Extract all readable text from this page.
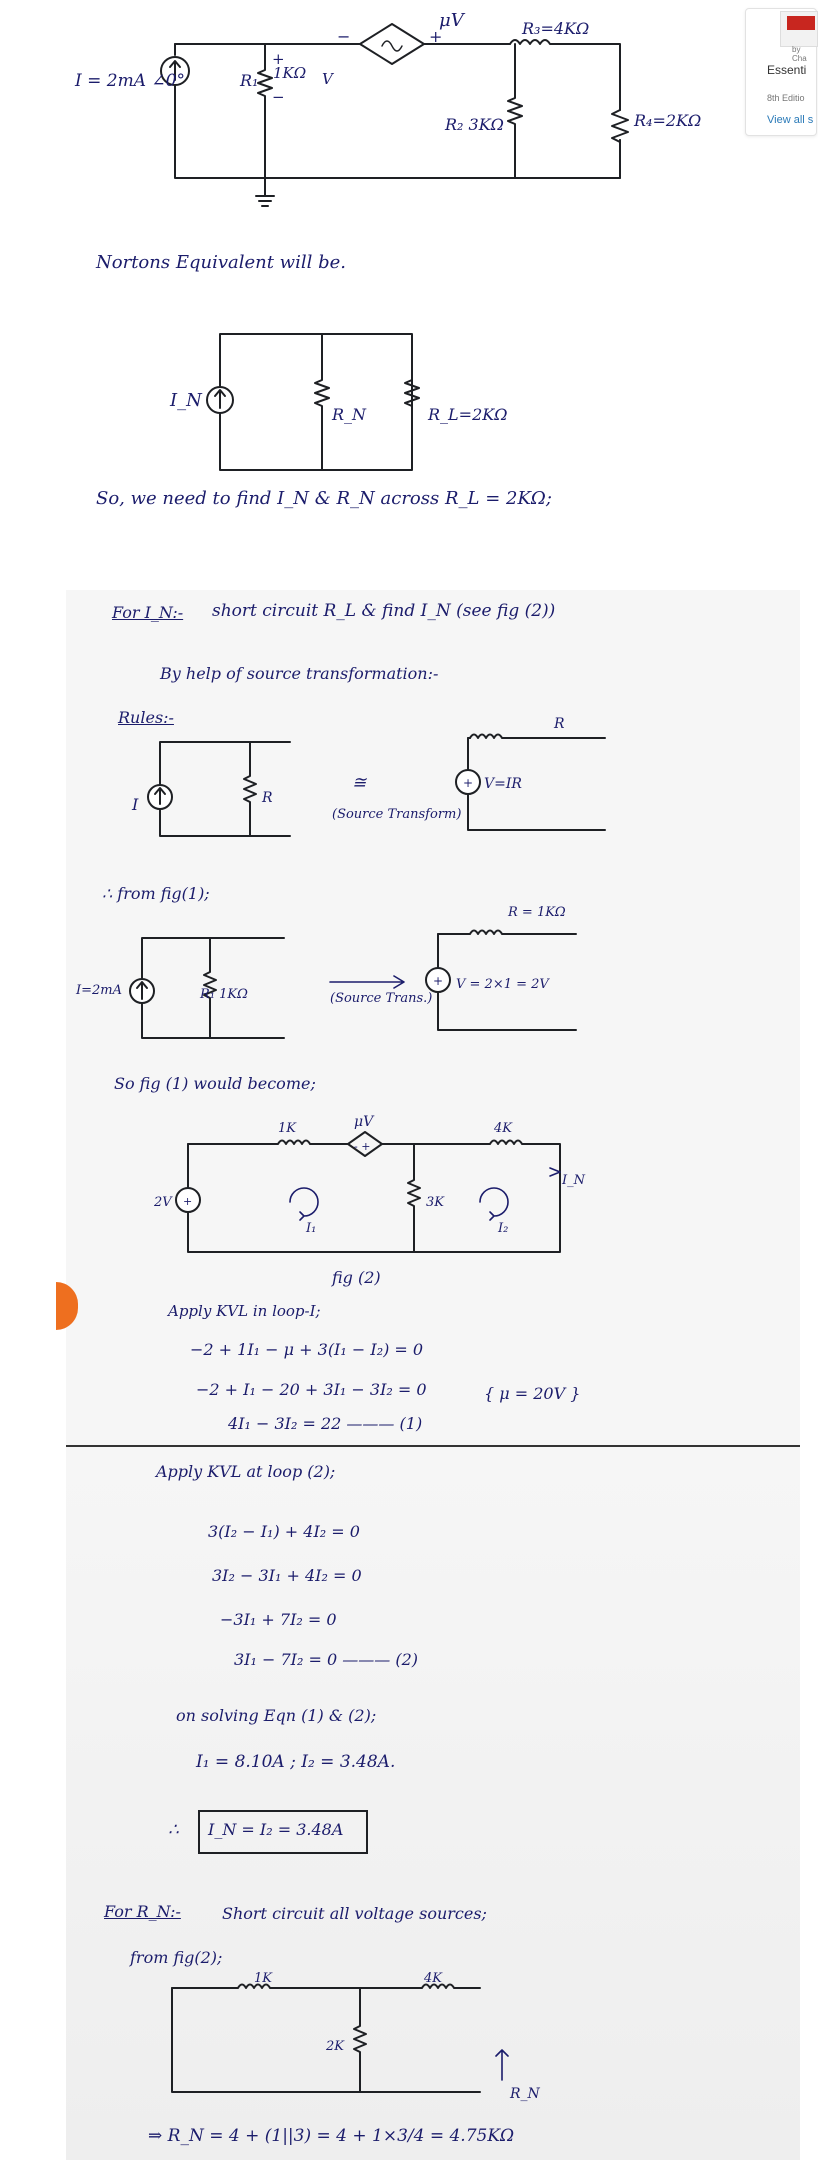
by Cha
Essenti
8th Editio
View all s
μV
−	+
I = 2mA ∠0°	R₁ 1KΩ V
+
−
R₂ 3KΩ
R₃=4KΩ
R₄=2KΩ
Nortons Equivalent will be.
I_N
R_N	R_L=2KΩ
So, we need to find I_N & R_N across R_L = 2KΩ;
For I_N:- short circuit R_L & find I_N (see fig (2))
By help of source transformation:-
Rules:-
I	R
≅
(Source Transform)
R
V=IR
+
∴ from fig(1);
I=2mA	R₁ 1KΩ	(Source Trans.)
R = 1KΩ
V = 2×1 = 2V
+
So fig (1) would become;
2V +
1K	μV
- +
4K
3K
I₁	I₂
I_N
fig (2)
Apply KVL in loop-I;
−2 + 1I₁ − μ + 3(I₁ − I₂) = 0
−2 + I₁ − 20 + 3I₁ − 3I₂ = 0	{ μ = 20V }
4I₁ − 3I₂ = 22 ——— (1)
Apply KVL at loop (2);
3(I₂ − I₁) + 4I₂ = 0
3I₂ − 3I₁ + 4I₂ = 0
−3I₁ + 7I₂ = 0
3I₁ − 7I₂ = 0 ——— (2)
on solving Eqn (1) & (2);
I₁ = 8.10A ; I₂ = 3.48A.
∴ I_N = I₂ = 3.48A
For R_N:-	Short circuit all voltage sources;
from fig(2);
1K	4K
2K
R_N
⇒ R_N = 4 + (1||3) = 4 + 1×3/4 = 4.75KΩ
